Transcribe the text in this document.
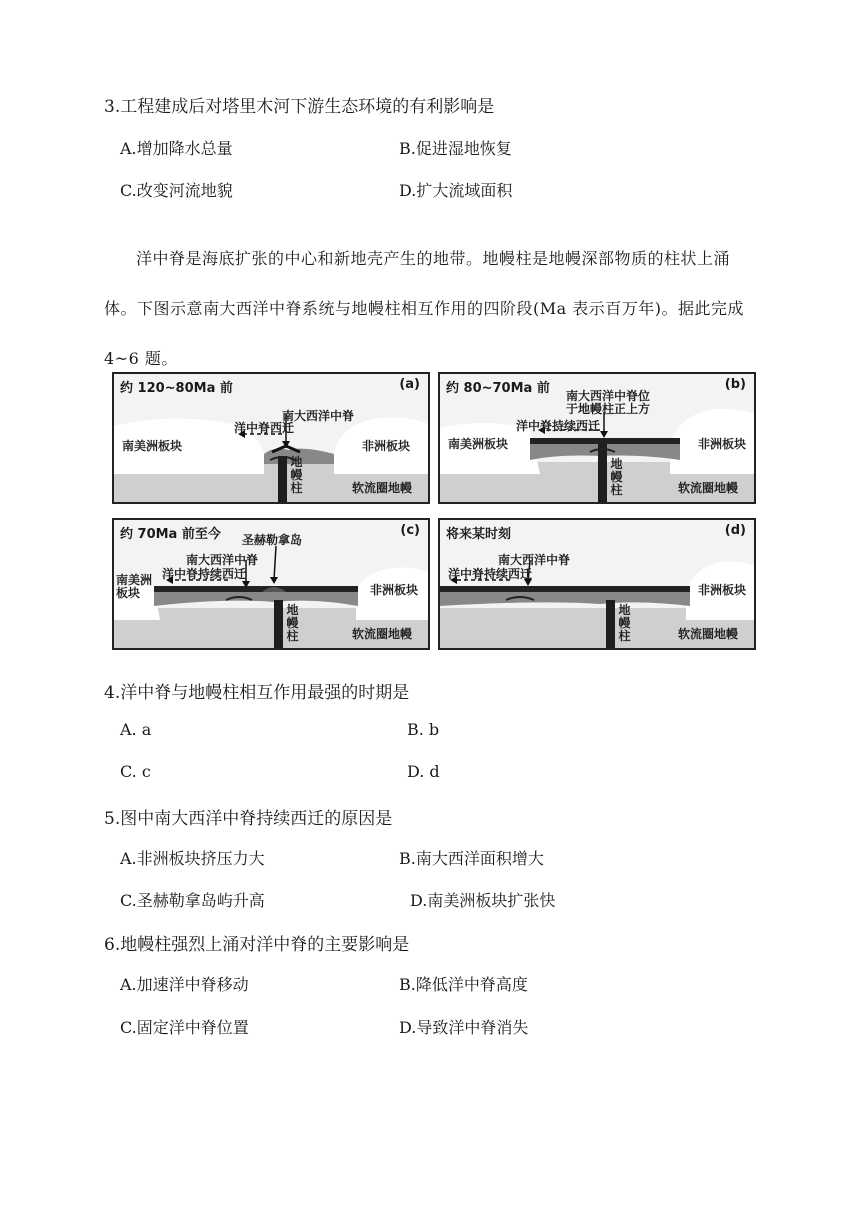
3.工程建成后对塔里木河下游生态环境的有利影响是
A.增加降水总量	B.促进湿地恢复
C.改变河流地貌	D.扩大流域面积
洋中脊是海底扩张的中心和新地壳产生的地带。地幔柱是地幔深部物质的柱状上涌
体。下图示意南大西洋中脊系统与地幔柱相互作用的四阶段(Ma 表示百万年)。据此完成
4~6 题。
约 120~80Ma 前	(a)
南大西洋中脊
洋中脊西迁
南美洲板块	非洲板块
地幔柱	软流圈地幔
约 80~70Ma 前	(b)
南大西洋中脊位于地幔柱正上方
洋中脊持续西迁
南美洲板块	非洲板块
地幔柱	软流圈地幔
约 70Ma 前至今	(c)
圣赫勒拿岛
南大西洋中脊
洋中脊持续西迁
南美洲板块	非洲板块
地幔柱	软流圈地幔
将来某时刻	(d)
南大西洋中脊
洋中脊持续西迁
非洲板块
地幔柱	软流圈地幔
4.洋中脊与地幔柱相互作用最强的时期是
A. a	B. b
C. c	D. d
5.图中南大西洋中脊持续西迁的原因是
A.非洲板块挤压力大	B.南大西洋面积增大
C.圣赫勒拿岛屿升高	D.南美洲板块扩张快
6.地幔柱强烈上涌对洋中脊的主要影响是
A.加速洋中脊移动	B.降低洋中脊高度
C.固定洋中脊位置	D.导致洋中脊消失
